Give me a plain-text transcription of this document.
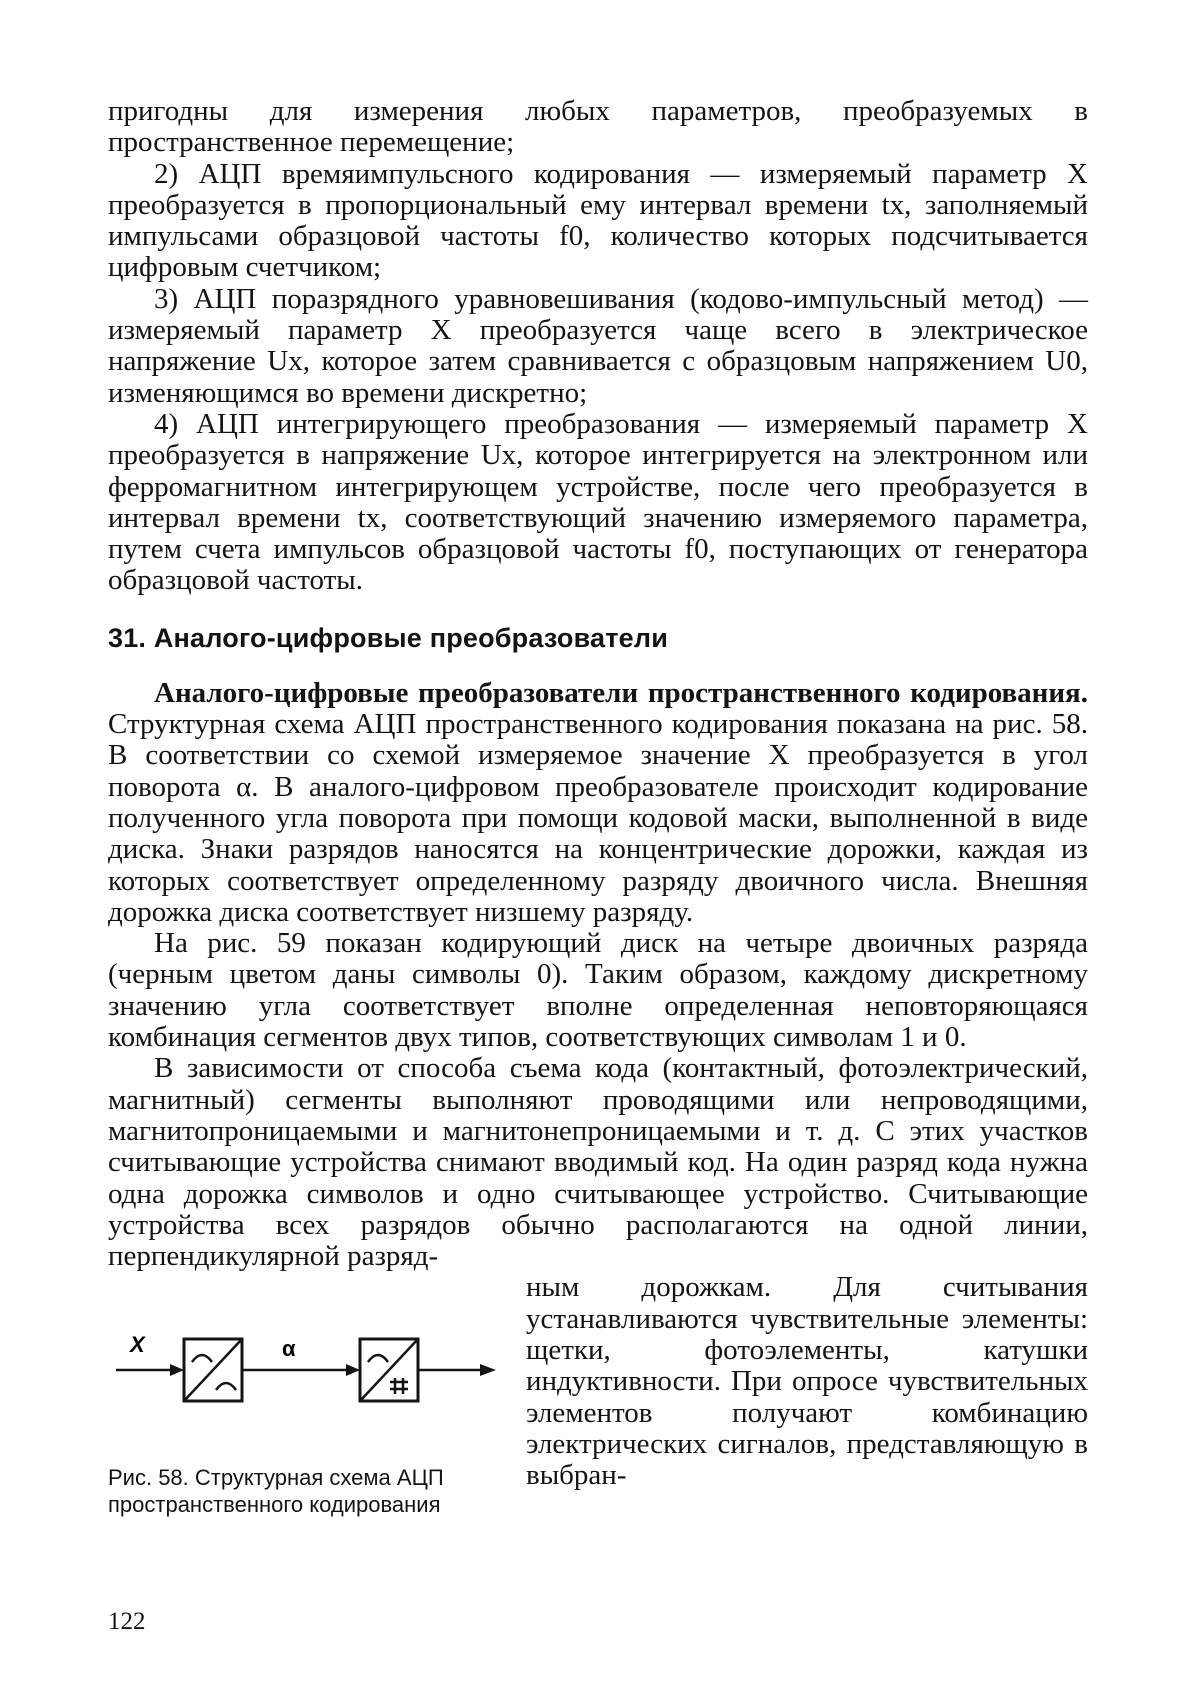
пригодны для измерения любых параметров, преобразуемых в пространственное перемещение;

2) АЦП времяимпульсного кодирования — измеряемый параметр X преобразуется в пропорциональный ему интервал времени tx, заполняемый импульсами образцовой частоты f0, количество которых подсчитывается цифровым счетчиком;

3) АЦП поразрядного уравновешивания (кодово-импульсный метод) — измеряемый параметр X преобразуется чаще всего в электрическое напряжение Ux, которое затем сравнивается с образцовым напряжением U0, изменяющимся во времени дискретно;

4) АЦП интегрирующего преобразования — измеряемый параметр X преобразуется в напряжение Ux, которое интегрируется на электронном или ферромагнитном интегрирующем устройстве, после чего преобразуется в интервал времени tx, соответствующий значению измеряемого параметра, путем счета импульсов образцовой частоты f0, поступающих от генератора образцовой частоты.

31. Аналого-цифровые преобразователи

Аналого-цифровые преобразователи пространственного кодирования. Структурная схема АЦП пространственного кодирования показана на рис. 58. В соответствии со схемой измеряемое значение X преобразуется в угол поворота α. В аналого-цифровом преобразователе происходит кодирование полученного угла поворота при помощи кодовой маски, выполненной в виде диска. Знаки разрядов наносятся на концентрические дорожки, каждая из которых соответствует определенному разряду двоичного числа. Внешняя дорожка диска соответствует низшему разряду.

На рис. 59 показан кодирующий диск на четыре двоичных разряда (черным цветом даны символы 0). Таким образом, каждому дискретному значению угла соответствует вполне определенная неповторяющаяся комбинация сегментов двух типов, соответствующих символам 1 и 0.

В зависимости от способа съема кода (контактный, фотоэлектрический, магнитный) сегменты выполняют проводящими или непроводящими, магнитопроницаемыми и магнитонепроницаемыми и т. д. С этих участков считывающие устройства снимают вводимый код. На один разряд кода нужна одна дорожка символов и одно считывающее устройство. Считывающие устройства всех разрядов обычно располагаются на одной линии, перпендикулярной разряд-

X	α
Рис. 58. Структурная схема АЦП пространственного кодирования

ным дорожкам. Для считывания устанавливаются чувствительные элементы: щетки, фотоэлементы, катушки индуктивности. При опросе чувствительных элементов получают комбинацию электрических сигналов, представляющую в выбран-

122
